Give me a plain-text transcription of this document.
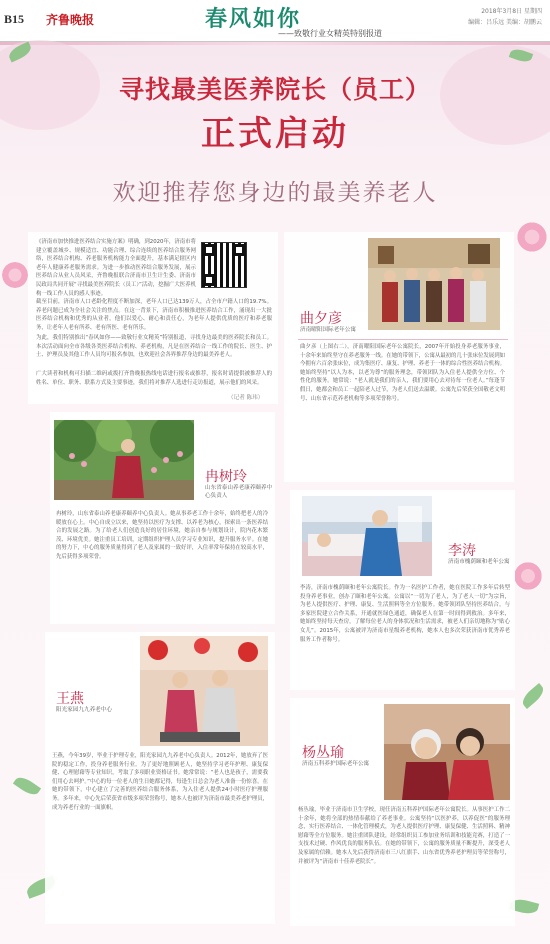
B15 齐鲁晚报	春风如你
——致敬行业女精英特别报道
2018年3月8日 星期四
编辑：吕乐远 美编：胡鹏云
寻找最美医养院长（员工）
正式启动
欢迎推荐您身边的最美养老人
《济南市加快推进医养结合实施方案》明确，到2020年，济南市将建立覆盖城乡、规模适宜、功能合理、综合连续的医养结合服务网络，医养结合机构、养老服务机构能力全面提升，基本满足辖区内老年人健康养老服务需求。为进一步推动医养结合服务发展，展示医养结合从业人员风采，齐鲁晚报联合济南市卫生计生委、济南市民政局共同开展“寻找最美医养院长（员工）”活动，挖掘广大医养机构一线工作人员的感人事迹。
截至目前，济南市人口老龄化程度不断加深，老年人口已达139万人，占全市户籍人口的19.7%。养老问题已成为全社会关注的焦点。在这一背景下，济南市积极推进医养结合工作，涌现出一大批医养结合机构和优秀的从业者，他们以爱心、耐心和责任心，为老年人提供优质的医疗和养老服务，让老年人老有所养、老有所医、老有所乐。
为此，我们特别推出“春风如你——致敬行业女精英”特别报道，寻找身边最美的医养院长和员工。本次活动面向全市各级各类医养结合机构、养老机构，凡是在医养结合一线工作的院长、医生、护士、护理员及其他工作人员均可报名参加，也欢迎社会各界推荐身边的最美养老人。
广大读者和机构可扫描二维码或拨打齐鲁晚报热线电话进行报名或推荐，报名时请提供被推荐人的姓名、单位、职务、联系方式及主要事迹，我们将对推荐人选进行走访报道，展示他们的风采。
（记者 陈玮）
曲夕彦
济南曜阳国际老年公寓
曲夕彦（上图右二），济南曜阳国际老年公寓院长，2007年开始投身养老服务事业，十余年来始终坚守在养老服务一线。在她的带领下，公寓从最初的几十张床位发展到如今拥有六百余张床位，成为集医疗、康复、护理、养老于一体的综合性医养结合机构。她始终坚持“以人为本，以老为尊”的服务理念，带领团队为入住老人提供全方位、个性化的服务。她常说：“老人就是我们的亲人，我们要用心去对待每一位老人。”每逢节假日，她都会和员工一起陪老人过节，为老人们送去温暖。公寓先后荣获全国敬老文明号、山东省示范养老机构等多项荣誉称号。
冉树玲
山东省泰山养老康养颐养中心负责人
冉树玲，山东省泰山养老康养颐养中心负责人。她从事养老工作十余年，始终把老人的冷暖放在心上。中心自成立以来，她坚持以医疗为支撑、以养老为核心，探索出一条医养结合的发展之路。为了给老人们创造良好的居住环境，她亲自参与规划设计，院内花木繁茂、环境优美。她注重员工培训，定期组织护理人员学习专业知识，提升服务水平。在她的努力下，中心的服务质量得到了老人及家属的一致好评，入住率常年保持在较高水平，先后获得多项荣誉。	李涛
济南市槐荫颐和老年公寓
李涛，济南市槐荫颐和老年公寓院长。作为一名医护工作者，她在医院工作多年后转型投身养老事业，创办了颐和老年公寓。公寓以“一切为了老人，为了老人一切”为宗旨，为老人提供医疗、护理、康复、生活照料等全方位服务。她带领团队坚持医养结合，与多家医院建立合作关系，开通就医绿色通道，确保老人在第一时间得到救治。多年来，她始终坚持每天查房，了解每位老人的身体状况和生活需求，被老人们亲切地称为“贴心女儿”。2015年，公寓被评为济南市星级养老机构，她本人也多次荣获济南市优秀养老服务工作者称号。
王燕
阳光家园九九养老中心
王燕，今年39岁，毕业于护理专业，阳光家园九九养老中心负责人。2012年，她放弃了医院的稳定工作，投身养老服务行业。为了更好地照顾老人，她坚持学习老年护理、康复保健、心理慰藉等专业知识，考取了多项职业资格证书。她常常说：“老人也是孩子，需要我们用心去呵护。”中心的每一位老人的生日她都记得，每逢生日总会为老人准备一份惊喜。在她的带领下，中心建立了完善的医养结合服务体系，为入住老人提供24小时医疗护理服务。多年来，中心先后荣获省市级多项荣誉称号，她本人也被评为济南市最美养老护理员，成为养老行业的一面旗帜。
杨丛瑜
济南五科养护国际老年公寓
杨丛瑜，毕业于济南市卫生学校，现任济南五科养护国际老年公寓院长。从事医护工作二十余年，她将全部的热情奉献给了养老事业。公寓坚持“以医护养，以养促医”的服务理念，实行医养结合、一体化管理模式，为老人提供医疗护理、康复保健、生活照料、精神慰藉等全方位服务。她注重团队建设，经常组织员工参加业务培训和技能竞赛，打造了一支技术过硬、作风优良的服务队伍。在她的带领下，公寓的服务质量不断提升，深受老人及家属的信赖。她本人先后获得济南市三八红旗手、山东省优秀养老护理员等荣誉称号，并被评为“济南市十佳养老院长”。
